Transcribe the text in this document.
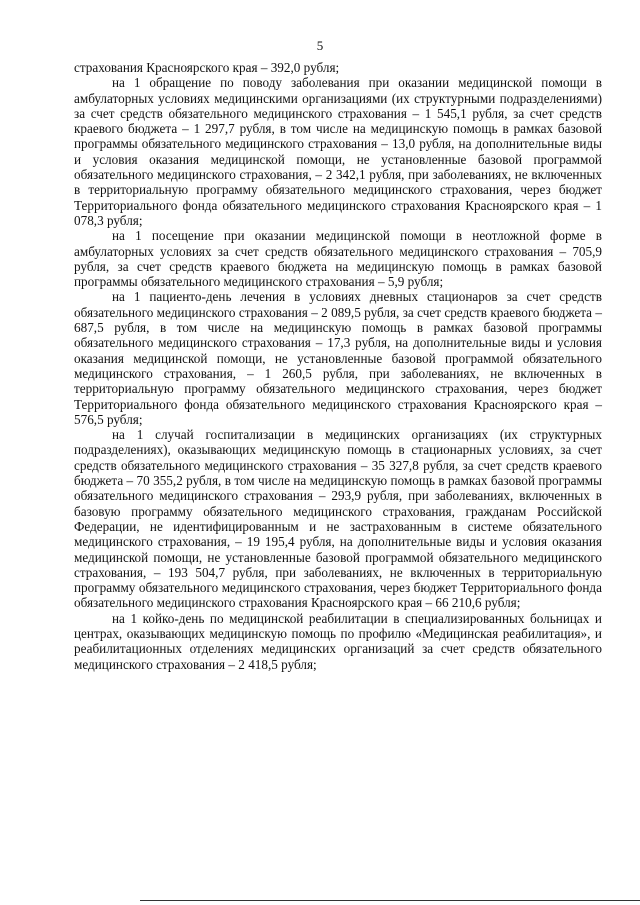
5

страхования Красноярского края – 392,0 рубля;

на 1 обращение по поводу заболевания при оказании медицинской помощи в амбулаторных условиях медицинскими организациями (их структурными подразделениями) за счет средств обязательного медицинского страхования – 1 545,1 рубля, за счет средств краевого бюджета – 1 297,7 рубля, в том числе на медицинскую помощь в рамках базовой программы обязательного медицинского страхования – 13,0 рубля, на дополнительные виды и условия оказания медицинской помощи, не установленные базовой программой обязательного медицинского страхования, – 2 342,1 рубля, при заболеваниях, не включенных в территориальную программу обязательного медицинского страхования, через бюджет Территориального фонда обязательного медицинского страхования Красноярского края – 1 078,3 рубля;

на 1 посещение при оказании медицинской помощи в неотложной форме в амбулаторных условиях за счет средств обязательного медицинского страхования – 705,9 рубля, за счет средств краевого бюджета на медицинскую помощь в рамках базовой программы обязательного медицинского страхования – 5,9 рубля;

на 1 пациенто-день лечения в условиях дневных стационаров за счет средств обязательного медицинского страхования – 2 089,5 рубля, за счет средств краевого бюджета – 687,5 рубля, в том числе на медицинскую помощь в рамках базовой программы обязательного медицинского страхования – 17,3 рубля, на дополнительные виды и условия оказания медицинской помощи, не установленные базовой программой обязательного медицинского страхования, – 1 260,5 рубля, при заболеваниях, не включенных в территориальную программу обязательного медицинского страхования, через бюджет Территориального фонда обязательного медицинского страхования Красноярского края – 576,5 рубля;

на 1 случай госпитализации в медицинских организациях (их структурных подразделениях), оказывающих медицинскую помощь в стационарных условиях, за счет средств обязательного медицинского страхования – 35 327,8 рубля, за счет средств краевого бюджета – 70 355,2 рубля, в том числе на медицинскую помощь в рамках базовой программы обязательного медицинского страхования – 293,9 рубля, при заболеваниях, включенных в базовую программу обязательного медицинского страхования, гражданам Российской Федерации, не идентифицированным и не застрахованным в системе обязательного медицинского страхования, – 19 195,4 рубля, на дополнительные виды и условия оказания медицинской помощи, не установленные базовой программой обязательного медицинского страхования, – 193 504,7 рубля, при заболеваниях, не включенных в территориальную программу обязательного медицинского страхования, через бюджет Территориального фонда обязательного медицинского страхования Красноярского края – 66 210,6 рубля;

на 1 койко-день по медицинской реабилитации в специализированных больницах и центрах, оказывающих медицинскую помощь по профилю «Медицинская реабилитация», и реабилитационных отделениях медицинских организаций за счет средств обязательного медицинского страхования – 2 418,5 рубля;
